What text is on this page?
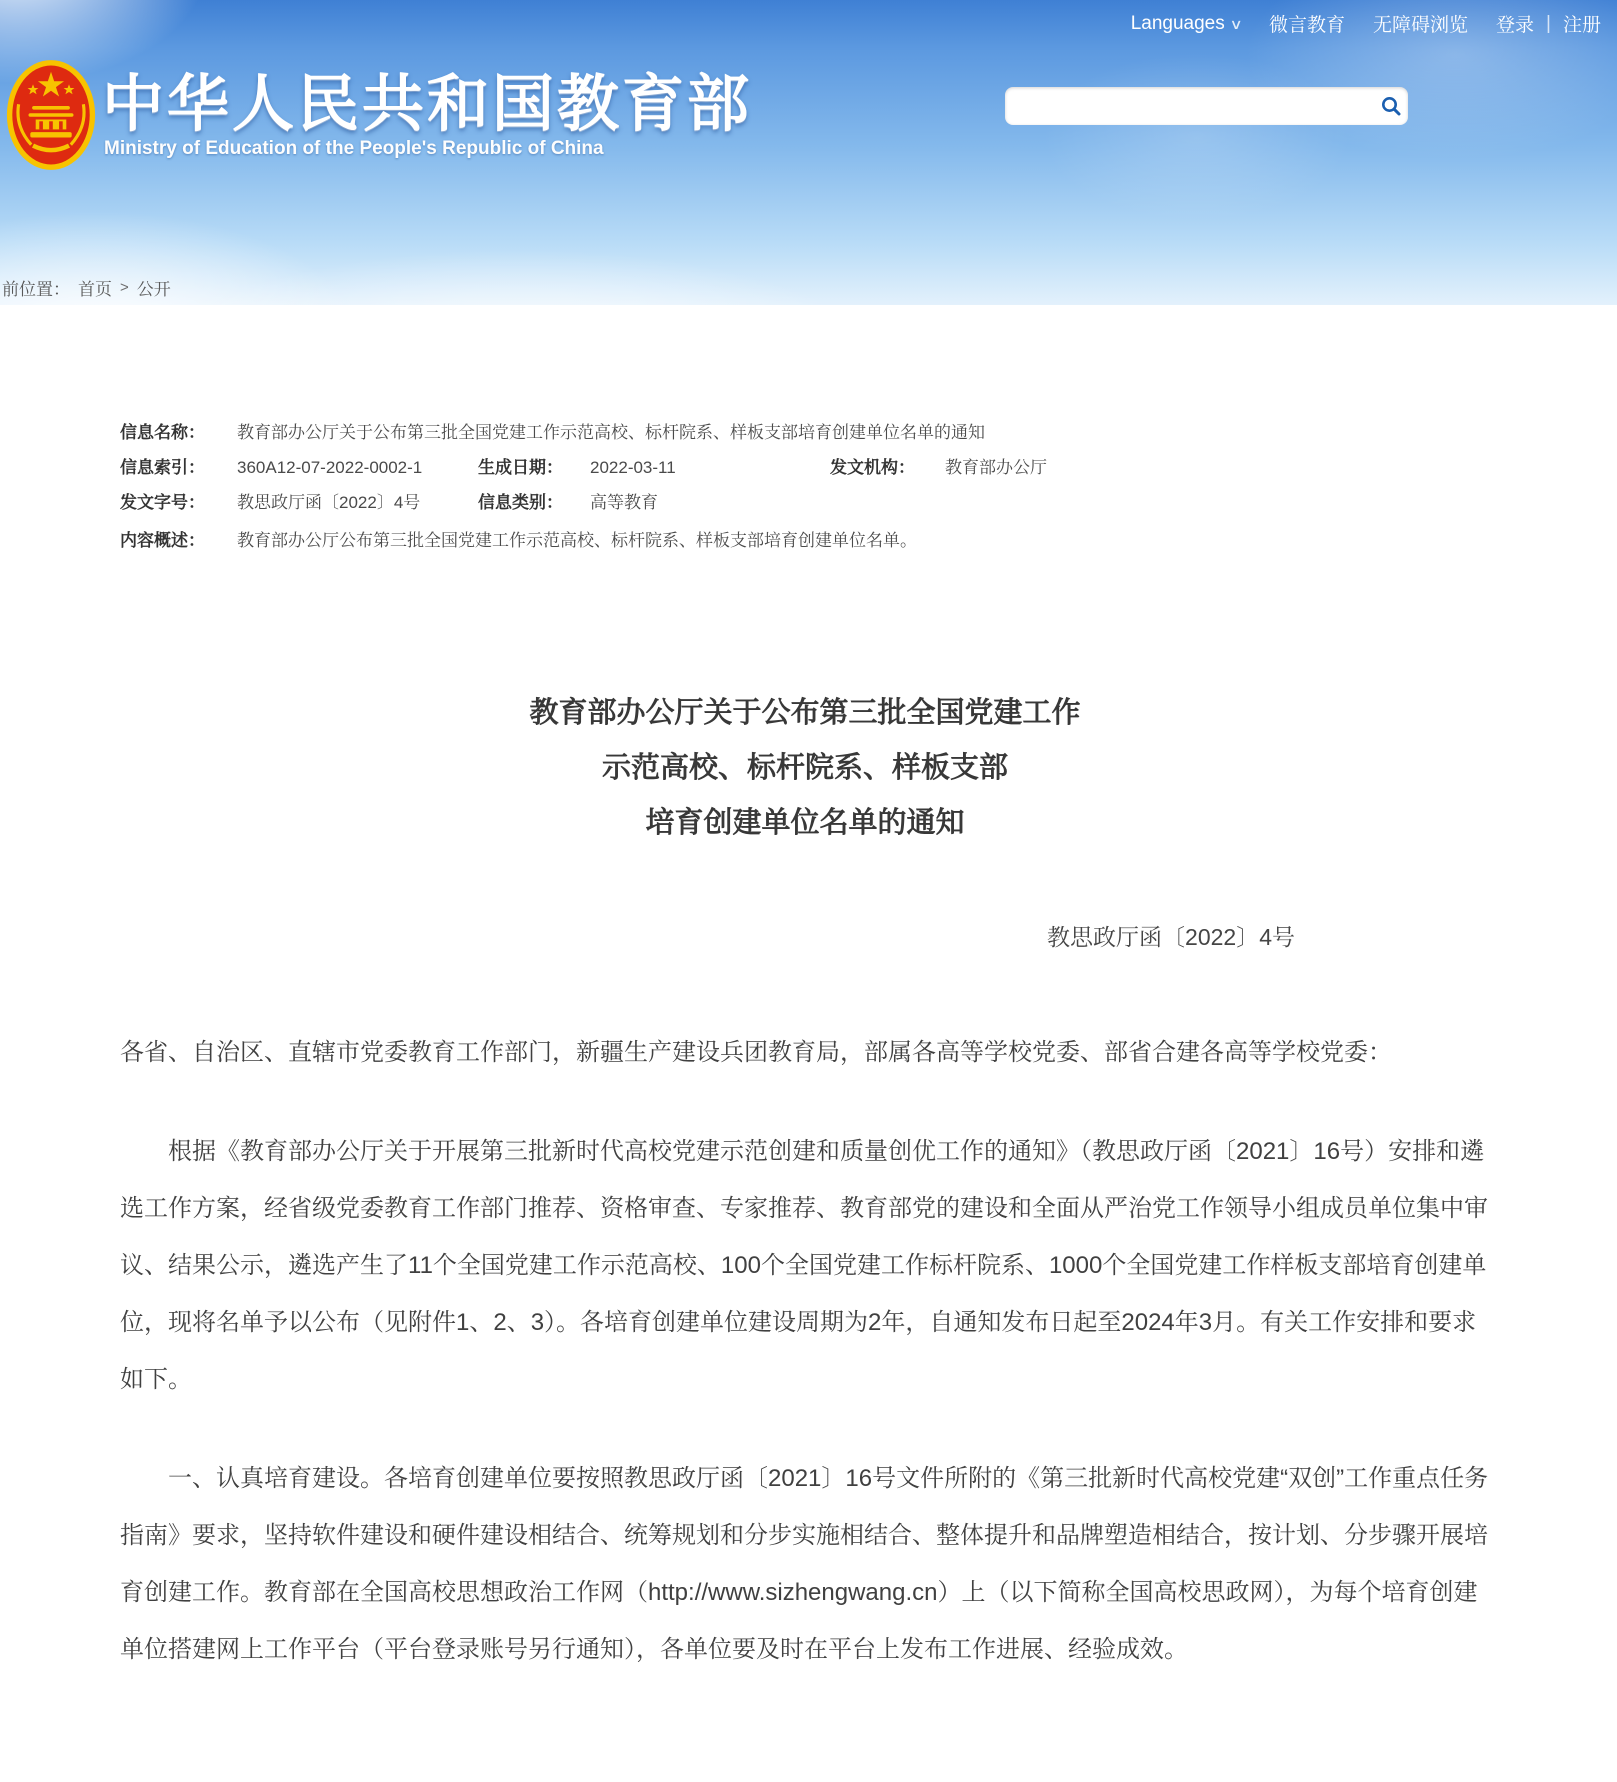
Languages ∨ 微言教育 无障碍浏览 登录 | 注册
中华人民共和国教育部
Ministry of Education of the People's Republic of China
前位置： 首页 > 公开
信息名称：	教育部办公厅关于公布第三批全国党建工作示范高校、标杆院系、样板支部培育创建单位名单的通知
信息索引：	360A12-07-2022-0002-1	生成日期：	2022-03-11	发文机构：	教育部办公厅
发文字号：	教思政厅函〔2022〕4号	信息类别：	高等教育
内容概述：	教育部办公厅公布第三批全国党建工作示范高校、标杆院系、样板支部培育创建单位名单。
教育部办公厅关于公布第三批全国党建工作
示范高校、标杆院系、样板支部
培育创建单位名单的通知
教思政厅函〔2022〕4号

各省、自治区、直辖市党委教育工作部门，新疆生产建设兵团教育局，部属各高等学校党委、部省合建各高等学校党委：

根据《教育部办公厅关于开展第三批新时代高校党建示范创建和质量创优工作的通知》（教思政厅函〔2021〕16号）安排和遴选工作方案，经省级党委教育工作部门推荐、资格审查、专家推荐、教育部党的建设和全面从严治党工作领导小组成员单位集中审议、结果公示，遴选产生了11个全国党建工作示范高校、100个全国党建工作标杆院系、1000个全国党建工作样板支部培育创建单位，现将名单予以公布（见附件1、2、3）。各培育创建单位建设周期为2年，自通知发布日起至2024年3月。有关工作安排和要求如下。

一、认真培育建设。各培育创建单位要按照教思政厅函〔2021〕16号文件所附的《第三批新时代高校党建“双创”工作重点任务指南》要求，坚持软件建设和硬件建设相结合、统筹规划和分步实施相结合、整体提升和品牌塑造相结合，按计划、分步骤开展培育创建工作。教育部在全国高校思想政治工作网（http://www.sizhengwang.cn）上（以下简称全国高校思政网），为每个培育创建单位搭建网上工作平台（平台登录账号另行通知），各单位要及时在平台上发布工作进展、经验成效。
